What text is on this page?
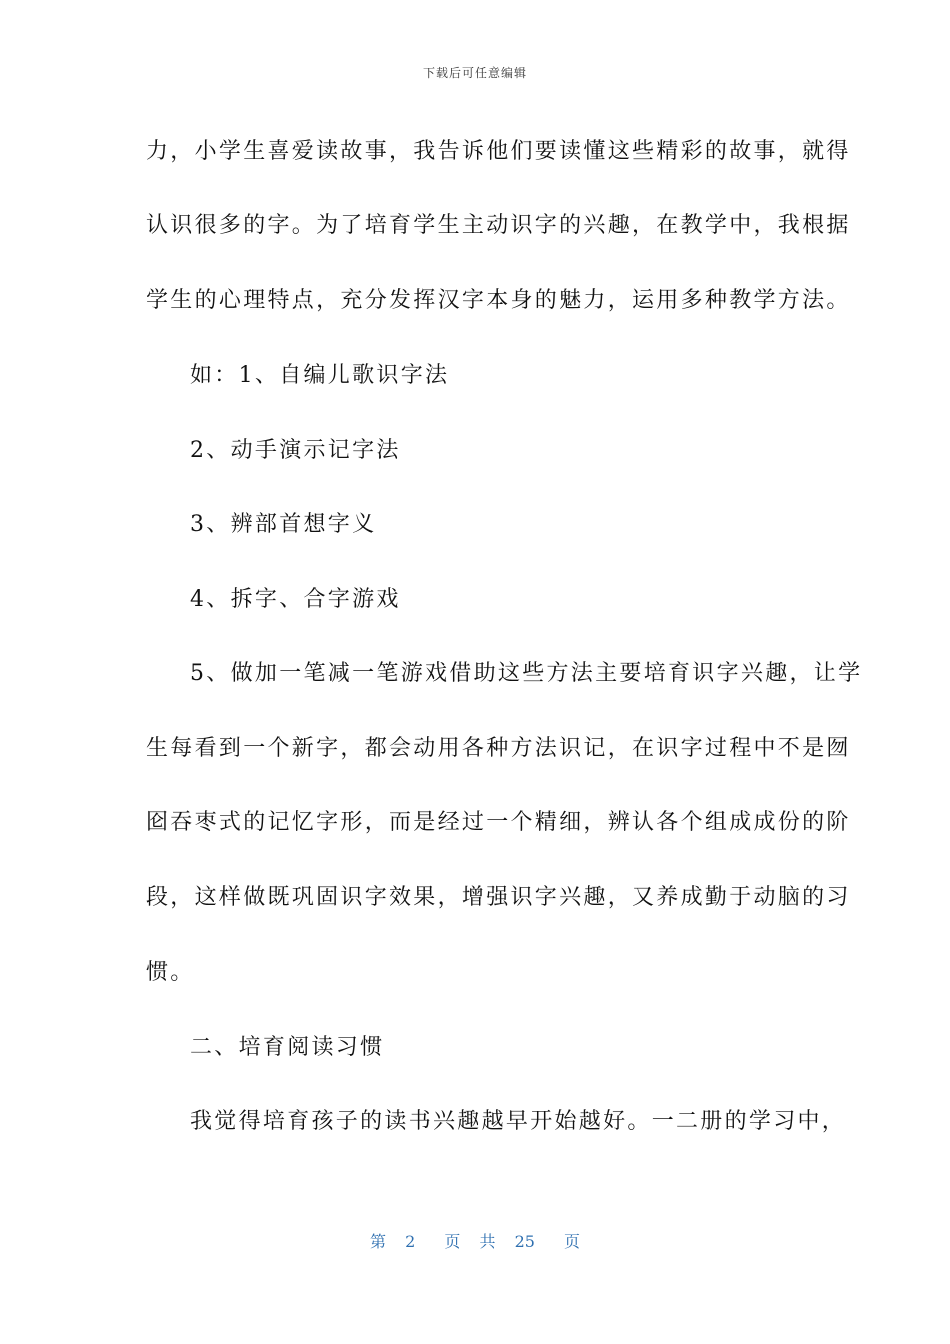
下载后可任意编辑
力，小学生喜爱读故事，我告诉他们要读懂这些精彩的故事，就得
认识很多的字。为了培育学生主动识字的兴趣，在教学中，我根据
学生的心理特点，充分发挥汉字本身的魅力，运用多种教学方法。
如：1、自编儿歌识字法
2、动手演示记字法
3、辨部首想字义
4、拆字、合字游戏
5、做加一笔减一笔游戏借助这些方法主要培育识字兴趣，让学
生每看到一个新字，都会动用各种方法识记，在识字过程中不是囫
囵吞枣式的记忆字形，而是经过一个精细，辨认各个组成成份的阶
段，这样做既巩固识字效果，增强识字兴趣，又养成勤于动脑的习
惯。
二、培育阅读习惯
我觉得培育孩子的读书兴趣越早开始越好。一二册的学习中，
第 2 页 共 25 页
